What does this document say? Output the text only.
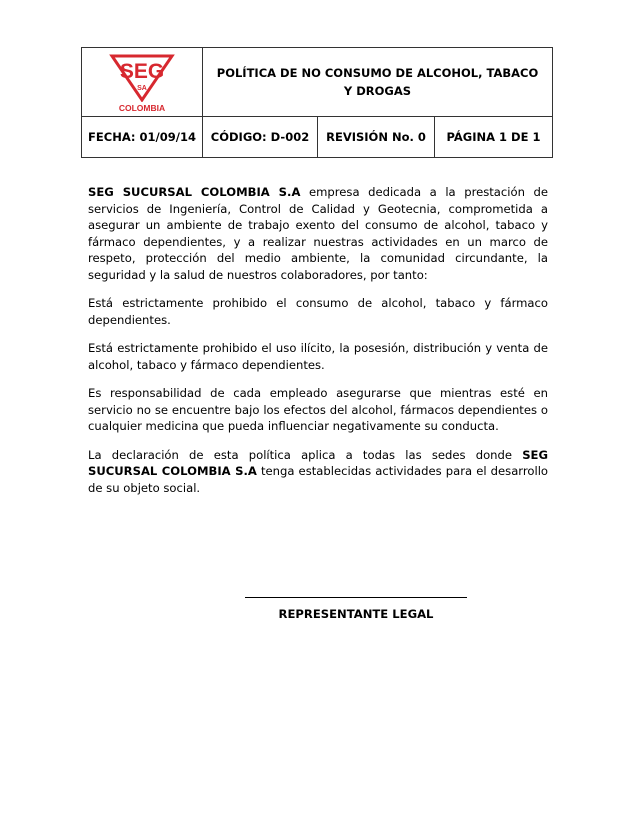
SEG
SA
COLOMBIA	POLÍTICA DE NO CONSUMO DE ALCOHOL, TABACO Y DROGAS		
FECHA: 01/09/14	CÓDIGO: D-002	REVISIÓN No. 0	PÁGINA 1 DE 1

SEG SUCURSAL COLOMBIA S.A empresa dedicada a la prestación de servicios de Ingeniería, Control de Calidad y Geotecnia, comprometida a asegurar un ambiente de trabajo exento del consumo de alcohol, tabaco y fármaco dependientes, y a realizar nuestras actividades en un marco de respeto, protección del medio ambiente, la comunidad circundante, la seguridad y la salud de nuestros colaboradores, por tanto:

Está estrictamente prohibido el consumo de alcohol, tabaco y fármaco dependientes.

Está estrictamente prohibido el uso ilícito, la posesión, distribución y venta de alcohol, tabaco y fármaco dependientes.

Es responsabilidad de cada empleado asegurarse que mientras esté en servicio no se encuentre bajo los efectos del alcohol, fármacos dependientes o cualquier medicina que pueda influenciar negativamente su conducta.

La declaración de esta política aplica a todas las sedes donde SEG SUCURSAL COLOMBIA S.A tenga establecidas actividades para el desarrollo de su objeto social.

REPRESENTANTE LEGAL
